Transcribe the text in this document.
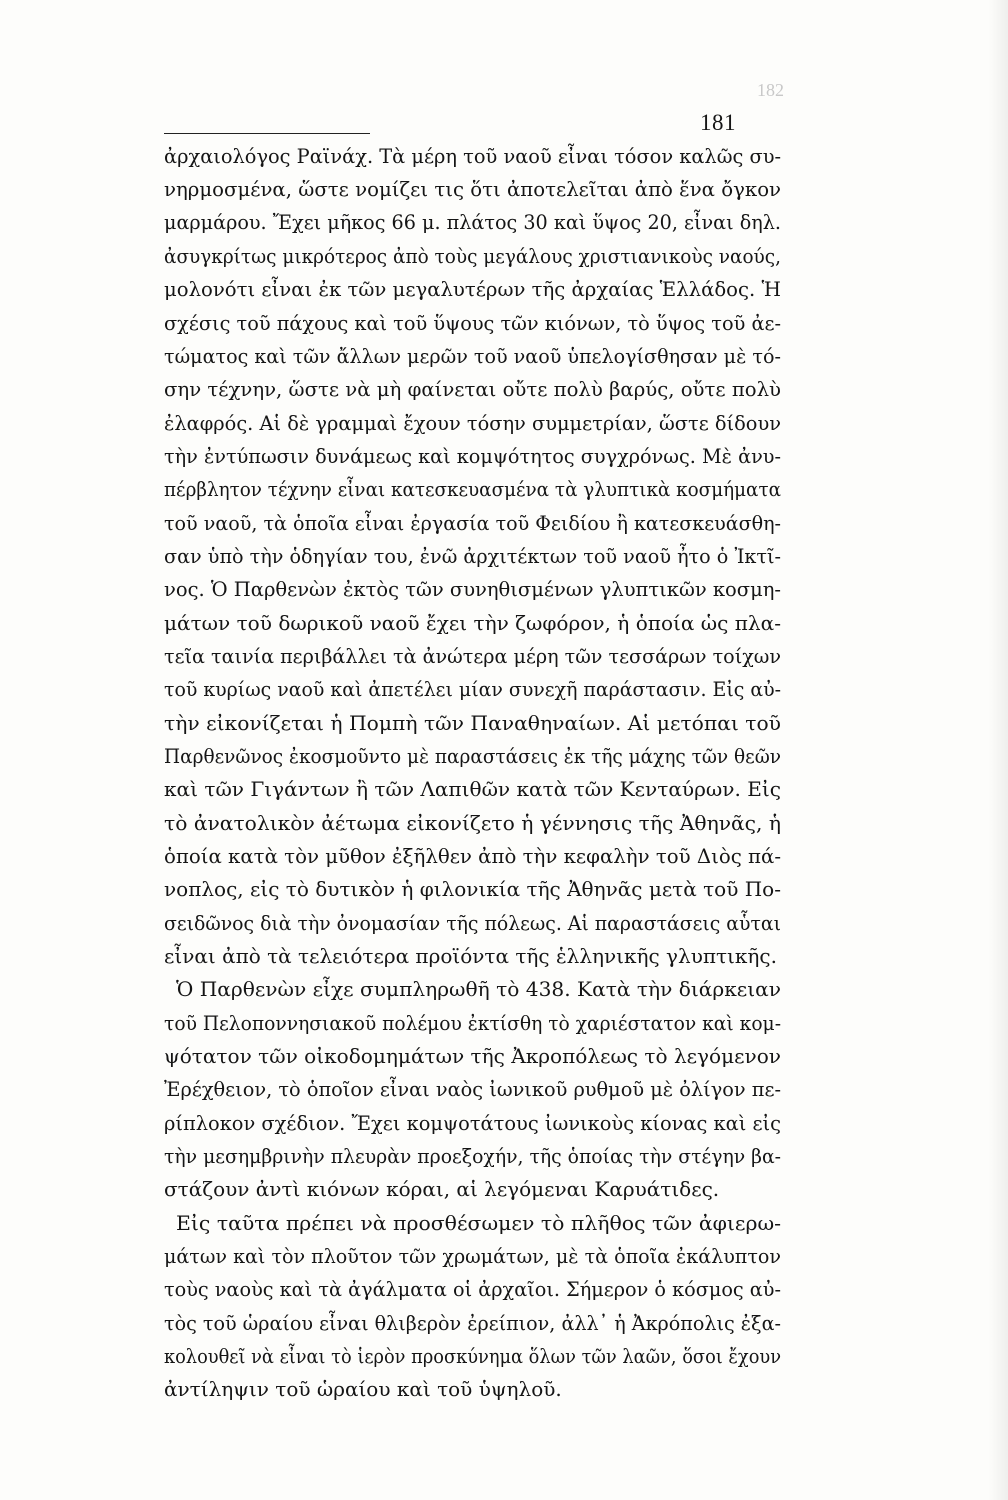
182
181
ἀρχαιολόγος Ραϊνάχ. Τὰ μέρη τοῦ ναοῦ εἶναι τόσον καλῶς συ-
νηρμοσμένα, ὥστε νομίζει τις ὅτι ἀποτελεῖται ἀπὸ ἕνα ὄγκον
μαρμάρου. Ἔχει μῆκος 66 μ. πλάτος 30 καὶ ὕψος 20, εἶναι δηλ.
ἀσυγκρίτως μικρότερος ἀπὸ τοὺς μεγάλους χριστιανικοὺς ναούς,
μολονότι εἶναι ἐκ τῶν μεγαλυτέρων τῆς ἀρχαίας Ἑλλάδος. Ἡ
σχέσις τοῦ πάχους καὶ τοῦ ὕψους τῶν κιόνων, τὸ ὕψος τοῦ ἀε-
τώματος καὶ τῶν ἄλλων μερῶν τοῦ ναοῦ ὑπελογίσθησαν μὲ τό-
σην τέχνην, ὥστε νὰ μὴ φαίνεται οὔτε πολὺ βαρύς, οὔτε πολὺ
ἐλαφρός. Αἱ δὲ γραμμαὶ ἔχουν τόσην συμμετρίαν, ὥστε δίδουν
τὴν ἐντύπωσιν δυνάμεως καὶ κομψότητος συγχρόνως. Μὲ ἀνυ-
πέρβλητον τέχνην εἶναι κατεσκευασμένα τὰ γλυπτικὰ κοσμήματα
τοῦ ναοῦ, τὰ ὁποῖα εἶναι ἐργασία τοῦ Φειδίου ἢ κατεσκευάσθη-
σαν ὑπὸ τὴν ὁδηγίαν του, ἐνῶ ἀρχιτέκτων τοῦ ναοῦ ἦτο ὁ Ἰκτῖ-
νος. Ὁ Παρθενὼν ἐκτὸς τῶν συνηθισμένων γλυπτικῶν κοσμη-
μάτων τοῦ δωρικοῦ ναοῦ ἔχει τὴν ζωφόρον, ἡ ὁποία ὡς πλα-
τεῖα ταινία περιβάλλει τὰ ἀνώτερα μέρη τῶν τεσσάρων τοίχων
τοῦ κυρίως ναοῦ καὶ ἀπετέλει μίαν συνεχῆ παράστασιν. Εἰς αὐ-
τὴν εἰκονίζεται ἡ Πομπὴ τῶν Παναθηναίων. Αἱ μετόπαι τοῦ
Παρθενῶνος ἐκοσμοῦντο μὲ παραστάσεις ἐκ τῆς μάχης τῶν θεῶν
καὶ τῶν Γιγάντων ἢ τῶν Λαπιθῶν κατὰ τῶν Κενταύρων. Εἰς
τὸ ἀνατολικὸν ἀέτωμα εἰκονίζετο ἡ γέννησις τῆς Ἀθηνᾶς, ἡ
ὁποία κατὰ τὸν μῦθον ἐξῆλθεν ἀπὸ τὴν κεφαλὴν τοῦ Διὸς πά-
νοπλος, εἰς τὸ δυτικὸν ἡ φιλονικία τῆς Ἀθηνᾶς μετὰ τοῦ Πο-
σειδῶνος διὰ τὴν ὀνομασίαν τῆς πόλεως. Αἱ παραστάσεις αὗται
εἶναι ἀπὸ τὰ τελειότερα προϊόντα τῆς ἑλληνικῆς γλυπτικῆς.
Ὁ Παρθενὼν εἶχε συμπληρωθῆ τὸ 438. Κατὰ τὴν διάρκειαν
τοῦ Πελοποννησιακοῦ πολέμου ἐκτίσθη τὸ χαριέστατον καὶ κομ-
ψότατον τῶν οἰκοδομημάτων τῆς Ἀκροπόλεως τὸ λεγόμενον
Ἐρέχθειον, τὸ ὁποῖον εἶναι ναὸς ἰωνικοῦ ρυθμοῦ μὲ ὀλίγον πε-
ρίπλοκον σχέδιον. Ἔχει κομψοτάτους ἰωνικοὺς κίονας καὶ εἰς
τὴν μεσημβρινὴν πλευρὰν προεξοχήν, τῆς ὁποίας τὴν στέγην βα-
στάζουν ἀντὶ κιόνων κόραι, αἱ λεγόμεναι Καρυάτιδες.
Εἰς ταῦτα πρέπει νὰ προσθέσωμεν τὸ πλῆθος τῶν ἀφιερω-
μάτων καὶ τὸν πλοῦτον τῶν χρωμάτων, μὲ τὰ ὁποῖα ἐκάλυπτον
τοὺς ναοὺς καὶ τὰ ἀγάλματα οἱ ἀρχαῖοι. Σήμερον ὁ κόσμος αὐ-
τὸς τοῦ ὡραίου εἶναι θλιβερὸν ἐρείπιον, ἀλλ᾽ ἡ Ἀκρόπολις ἐξα-
κολουθεῖ νὰ εἶναι τὸ ἱερὸν προσκύνημα ὅλων τῶν λαῶν, ὅσοι ἔχουν
ἀντίληψιν τοῦ ὡραίου καὶ τοῦ ὑψηλοῦ.
